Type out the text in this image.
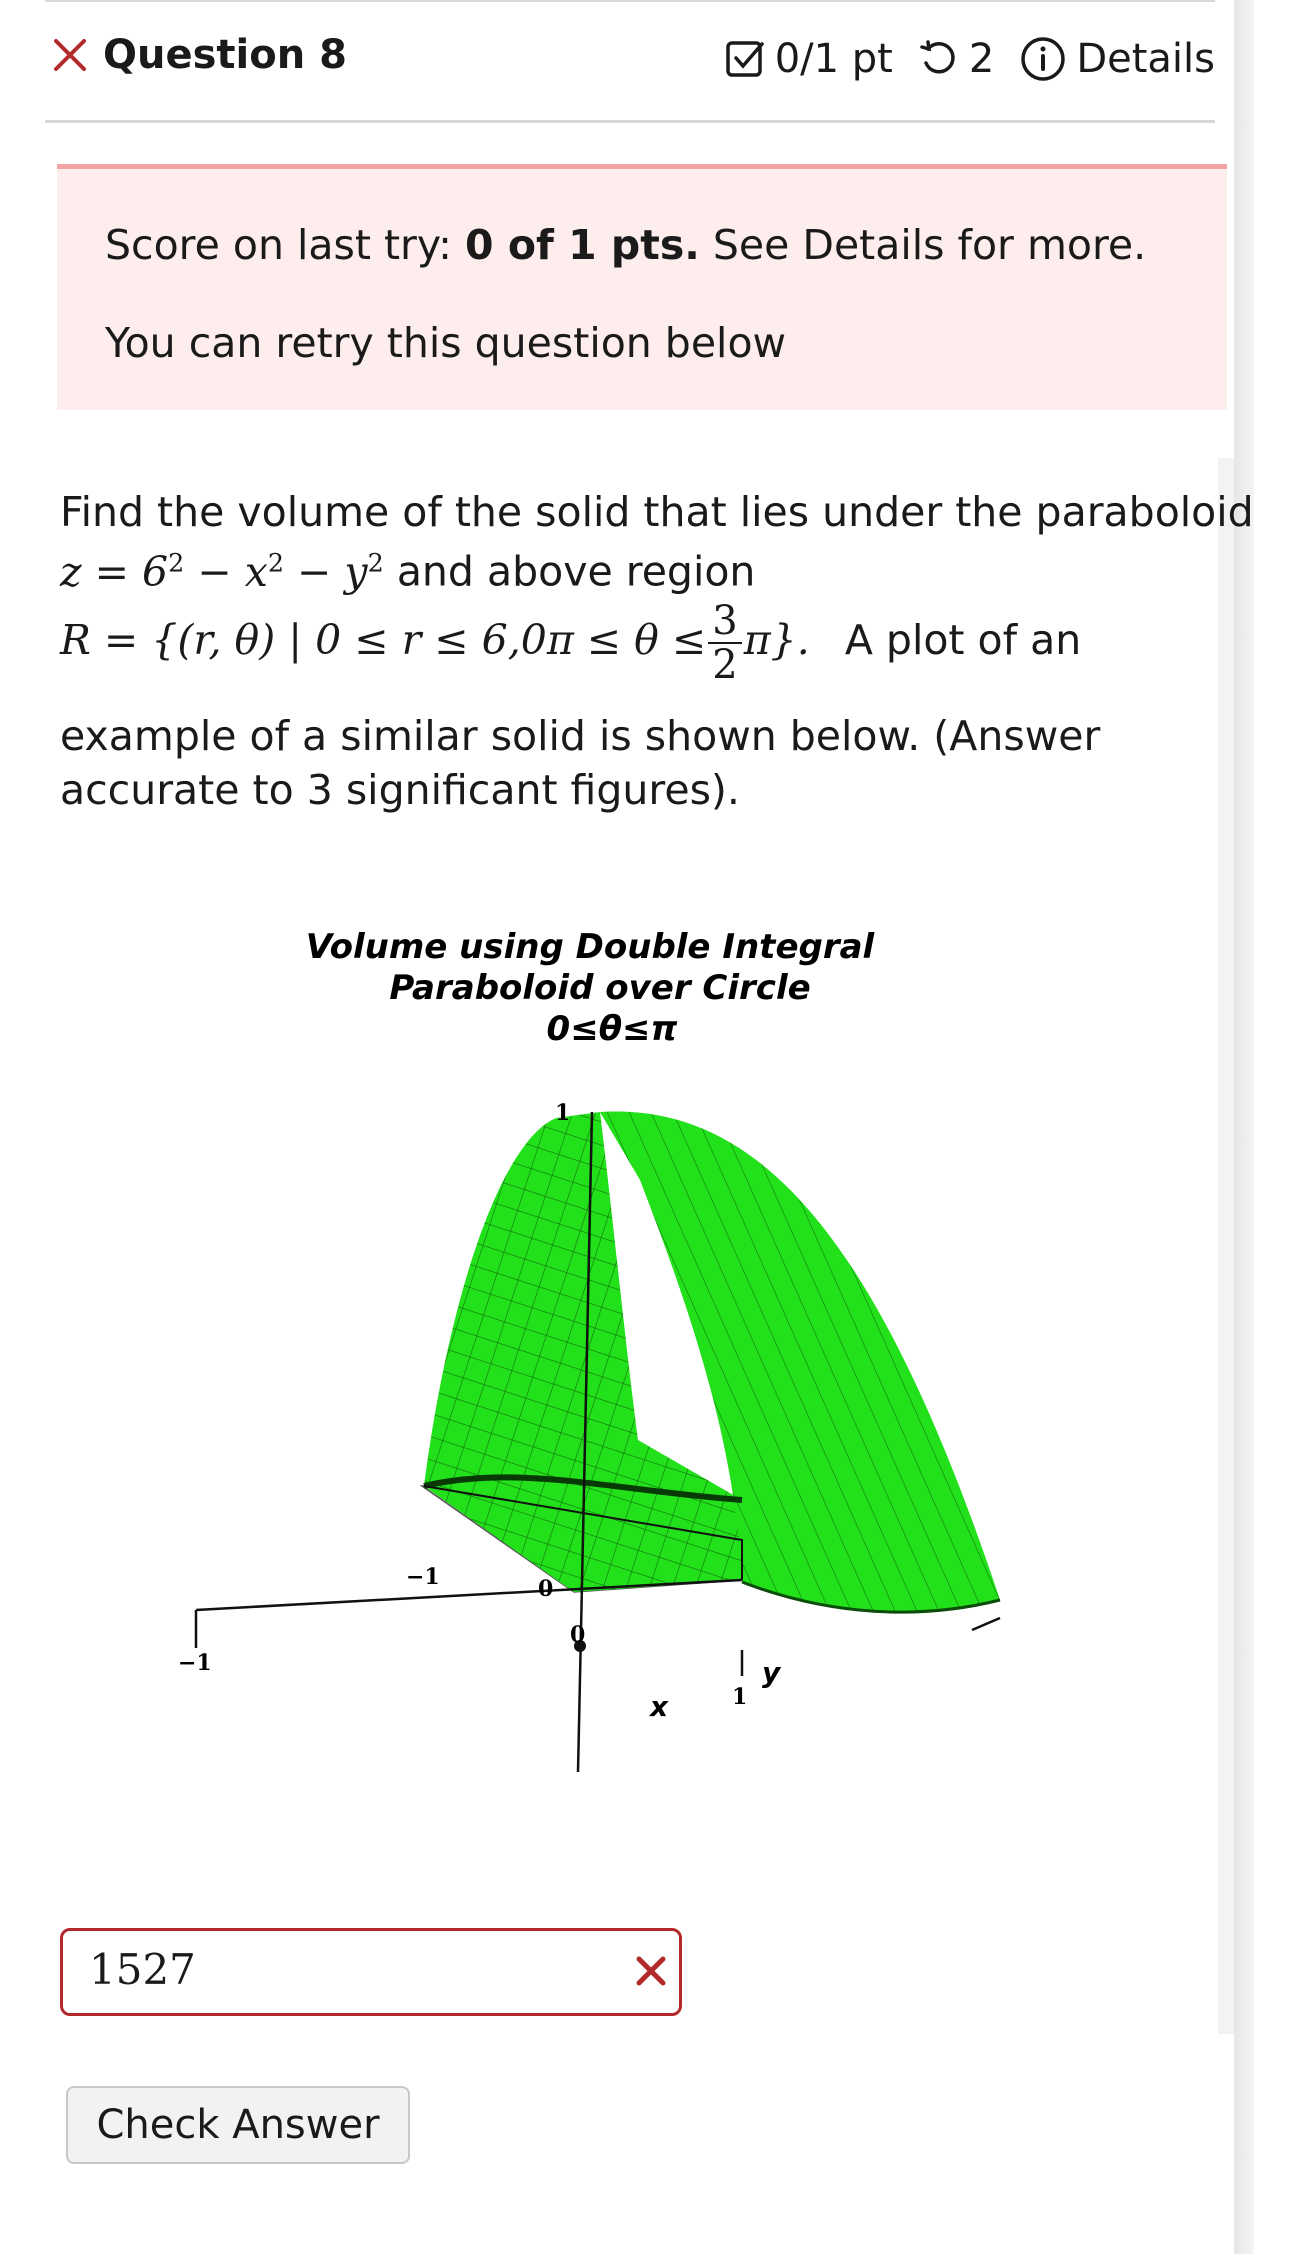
Question 8	0/1 pt 2 Details
Score on last try: 0 of 1 pts. See Details for more.
You can retry this question below
Find the volume of the solid that lies under the paraboloid
$z = 6^2 - x^2 - y^2$ and above region
R = {(r, θ) | $0 \le r \le 6,0\pi \le \theta \le \frac{3}{2} \pi$}. A plot of an
example of a similar solid is shown below. (Answer
accurate to 3 significant figures).
Volume using Double Integral
Paraboloid over Circle
0≤θ≤π
−1
−1	0
0
1
1
x
y
1527
Check Answer
